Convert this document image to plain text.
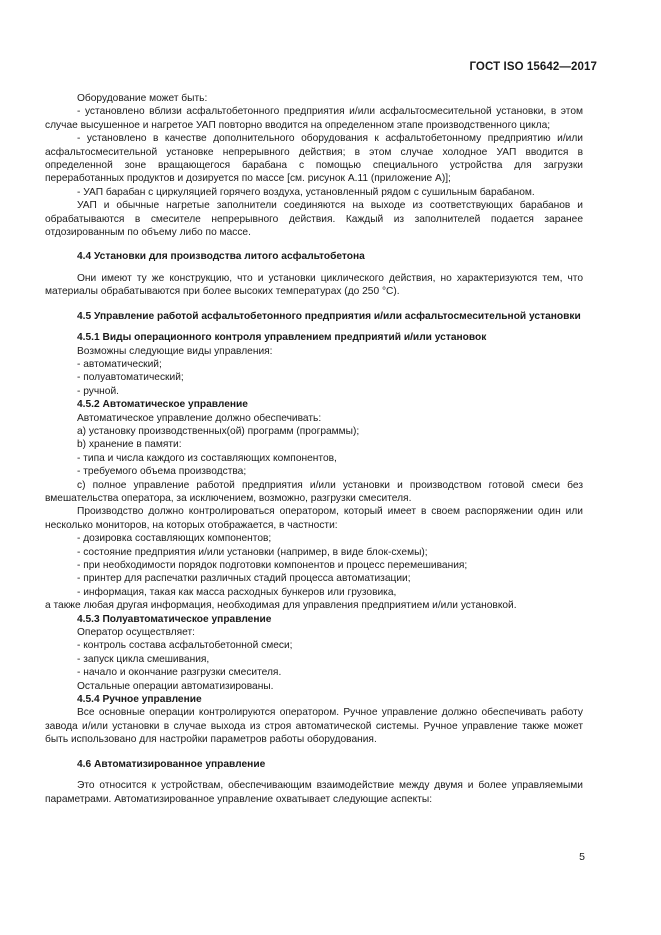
ГОСТ ISO 15642—2017

Оборудование может быть:

- установлено вблизи асфальтобетонного предприятия и/или асфальтосмесительной установки, в этом случае высушенное и нагретое УАП повторно вводится на определенном этапе производственного цикла;

- установлено в качестве дополнительного оборудования к асфальтобетонному предприятию и/или асфальтосмесительной установке непрерывного действия; в этом случае холодное УАП вводится в определенной зоне вращающегося барабана с помощью специального устройства для загрузки переработанных продуктов и дозируется по массе [см. рисунок А.11 (приложение А)];

- УАП барабан с циркуляцией горячего воздуха, установленный рядом с сушильным барабаном.

УАП и обычные нагретые заполнители соединяются на выходе из соответствующих барабанов и обрабатываются в смесителе непрерывного действия. Каждый из заполнителей подается заранее отдозированным по объему либо по массе.

4.4 Установки для производства литого асфальтобетона

Они имеют ту же конструкцию, что и установки циклического действия, но характеризуются тем, что материалы обрабатываются при более высоких температурах (до 250 °C).

4.5 Управление работой асфальтобетонного предприятия и/или асфальтосмесительной установки

4.5.1 Виды операционного контроля управлением предприятий и/или установок

Возможны следующие виды управления:

- автоматический;

- полуавтоматический;

- ручной.

4.5.2 Автоматическое управление

Автоматическое управление должно обеспечивать:

a) установку производственных(ой) программ (программы);

b) хранение в памяти:

- типа и числа каждого из составляющих компонентов,

- требуемого объема производства;

c) полное управление работой предприятия и/или установки и производством готовой смеси без вмешательства оператора, за исключением, возможно, разгрузки смесителя.

Производство должно контролироваться оператором, который имеет в своем распоряжении один или несколько мониторов, на которых отображается, в частности:

- дозировка составляющих компонентов;

- состояние предприятия и/или установки (например, в виде блок-схемы);

- при необходимости порядок подготовки компонентов и процесс перемешивания;

- принтер для распечатки различных стадий процесса автоматизации;

- информация, такая как масса расходных бункеров или грузовика,

а также любая другая информация, необходимая для управления предприятием и/или установкой.

4.5.3 Полуавтоматическое управление

Оператор осуществляет:

- контроль состава асфальтобетонной смеси;

- запуск цикла смешивания,

- начало и окончание разгрузки смесителя.

Остальные операции автоматизированы.

4.5.4 Ручное управление

Все основные операции контролируются оператором. Ручное управление должно обеспечивать работу завода и/или установки в случае выхода из строя автоматической системы. Ручное управление также может быть использовано для настройки параметров работы оборудования.

4.6 Автоматизированное управление

Это относится к устройствам, обеспечивающим взаимодействие между двумя и более управляемыми параметрами. Автоматизированное управление охватывает следующие аспекты:

5
